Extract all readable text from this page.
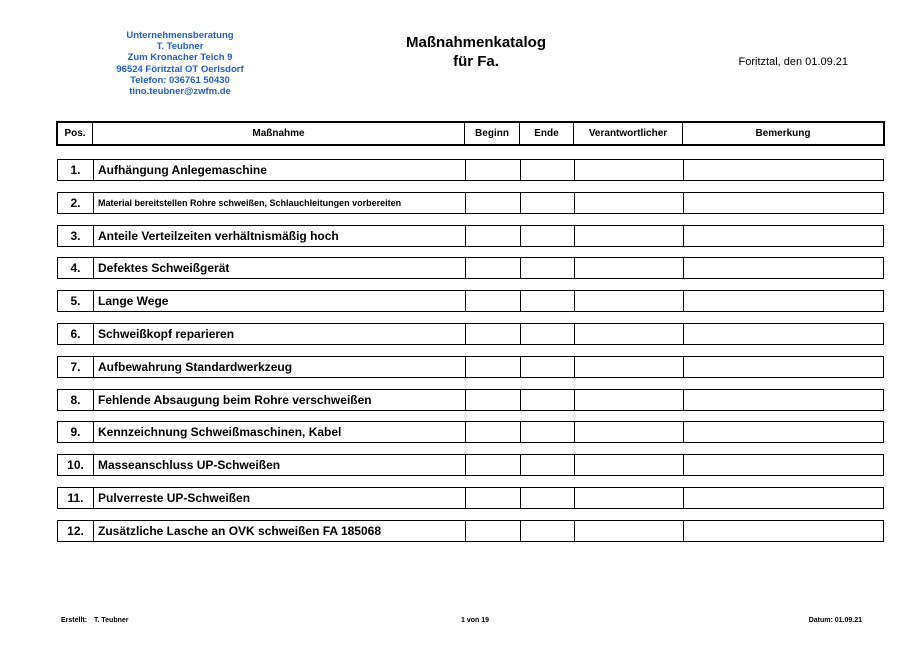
Unternehmensberatung
T. Teubner
Zum Kronacher Teich 9
96524 Föritztal OT Oerlsdorf
Telefon: 036761 50430
tino.teubner@zwfm.de
Maßnahmenkatalog
für Fa.	Foritztal, den 01.09.21
Pos.	Maßnahme	Beginn	Ende	Verantwortlicher	Bemerkung
1.	Aufhängung Anlegemaschine
2.	Material bereitstellen Rohre schweißen, Schlauchleitungen vorbereiten
3.	Anteile Verteilzeiten verhältnismäßig hoch
4.	Defektes Schweißgerät
5.	Lange Wege
6.	Schweißkopf reparieren
7.	Aufbewahrung Standardwerkzeug
8.	Fehlende Absaugung beim Rohre verschweißen
9.	Kennzeichnung Schweißmaschinen, Kabel
10.	Masseanschluss UP-Schweißen
11.	Pulverreste UP-Schweißen
12.	Zusätzliche Lasche an OVK schweißen FA 185068
Erstellt: T. Teubner	1 von 19	Datum: 01.09.21
